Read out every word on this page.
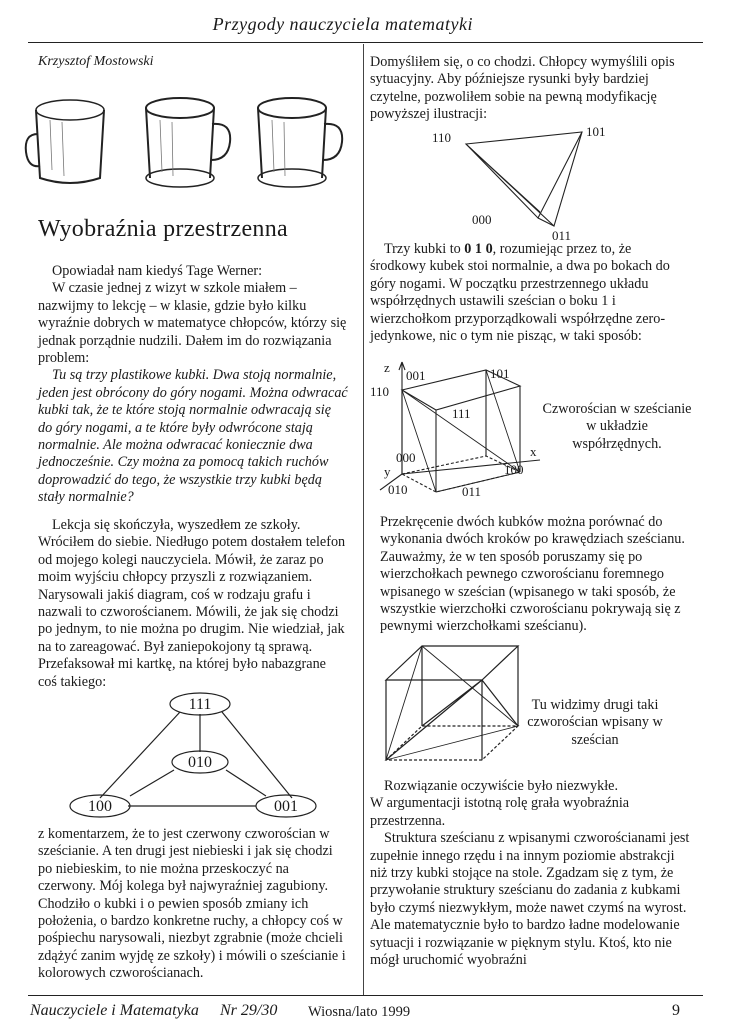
Przygody nauczyciela matematyki
Krzysztof Mostowski
Wyobraźnia przestrzenna

Opowiadał nam kiedyś Tage Werner:

W czasie jednej z wizyt w szkole miałem – nazwijmy to lekcję – w klasie, gdzie było kilku wyraźnie dobrych w matematyce chłopców, którzy się jednak porządnie nudzili. Dałem im do rozwiązania problem:

Tu są trzy plastikowe kubki. Dwa stoją normalnie, jeden jest obrócony do góry nogami. Można odwracać kubki tak, że te które stoją normalnie odwracają się do góry nogami, a te które były odwrócone stają normalnie. Ale można odwracać koniecznie dwa jednocześnie. Czy można za pomocą takich ruchów doprowadzić do tego, że wszystkie trzy kubki będą stały normalnie?

Lekcja się skończyła, wyszedłem ze szkoły. Wróciłem do siebie. Niedługo potem dostałem telefon od mojego kolegi nauczyciela. Mówił, że zaraz po moim wyjściu chłopcy przyszli z rozwiązaniem. Narysowali jakiś diagram, coś w rodzaju grafu i nazwali to czworościanem. Mówili, że jak się chodzi po jednym, to nie można po drugim. Nie wiedział, jak na to zareagować. Był zaniepokojony tą sprawą. Przefaksował mi kartkę, na której było nabazgrane coś takiego:

111
010
100	001

z komentarzem, że to jest czerwony czworościan w sześcianie. A ten drugi jest niebieski i jak się chodzi po niebieskim, to nie można przeskoczyć na czerwony. Mój kolega był najwyraźniej zagubiony. Chodziło o kubki i o pewien sposób zmiany ich położenia, o bardzo konkretne ruchy, a chłopcy coś w pośpiechu narysowali, niezbyt zgrabnie (może chcieli zdążyć zanim wyjdę ze szkoły) i mówili o sześcianie i kolorowych czworościanach.

Domyśliłem się, o co chodzi. Chłopcy wymyślili opis sytuacyjny. Aby późniejsze rysunki były bardziej czytelne, pozwoliłem sobie na pewną modyfikację powyższej ilustracji:

110	101
000
011

Trzy kubki to 0 1 0, rozumiejąc przez to, że środkowy kubek stoi normalnie, a dwa po bokach do góry nogami. W początku przestrzennego układu współrzędnych ustawili sześcian o boku 1 i wierzchołkom przyporządkowali współrzędne zero-jedynkowe, nic o tym nie pisząc, w taki sposób:

z
y
x
001	101
110
111
000
100
010	011
Czworościan w sześcianie w układzie współrzędnych.

Przekręcenie dwóch kubków można porównać do wykonania dwóch kroków po krawędziach sześcianu. Zauważmy, że w ten sposób poruszamy się po wierzchołkach pewnego czworościanu foremnego wpisanego w sześcian (wpisanego w taki sposób, że wszystkie wierzchołki czworościanu pokrywają się z pewnymi wierzchołkami sześcianu).

Tu widzimy drugi taki czworościan wpisany w sześcian

Rozwiązanie oczywiście było niezwykłe.

W argumentacji istotną rolę grała wyobraźnia przestrzenna.

Struktura sześcianu z wpisanymi czworościanami jest zupełnie innego rzędu i na innym poziomie abstrakcji niż trzy kubki stojące na stole. Zgadzam się z tym, że przywołanie struktury sześcianu do zadania z kubkami było czymś niezwykłym, może nawet czymś na wyrost. Ale matematycznie było to bardzo ładne modelowanie sytuacji i rozwiązanie w pięknym stylu. Ktoś, kto nie mógł uruchomić wyobraźni

Nauczyciele i Matematyka Nr 29/30 Wiosna/lato 1999	9
